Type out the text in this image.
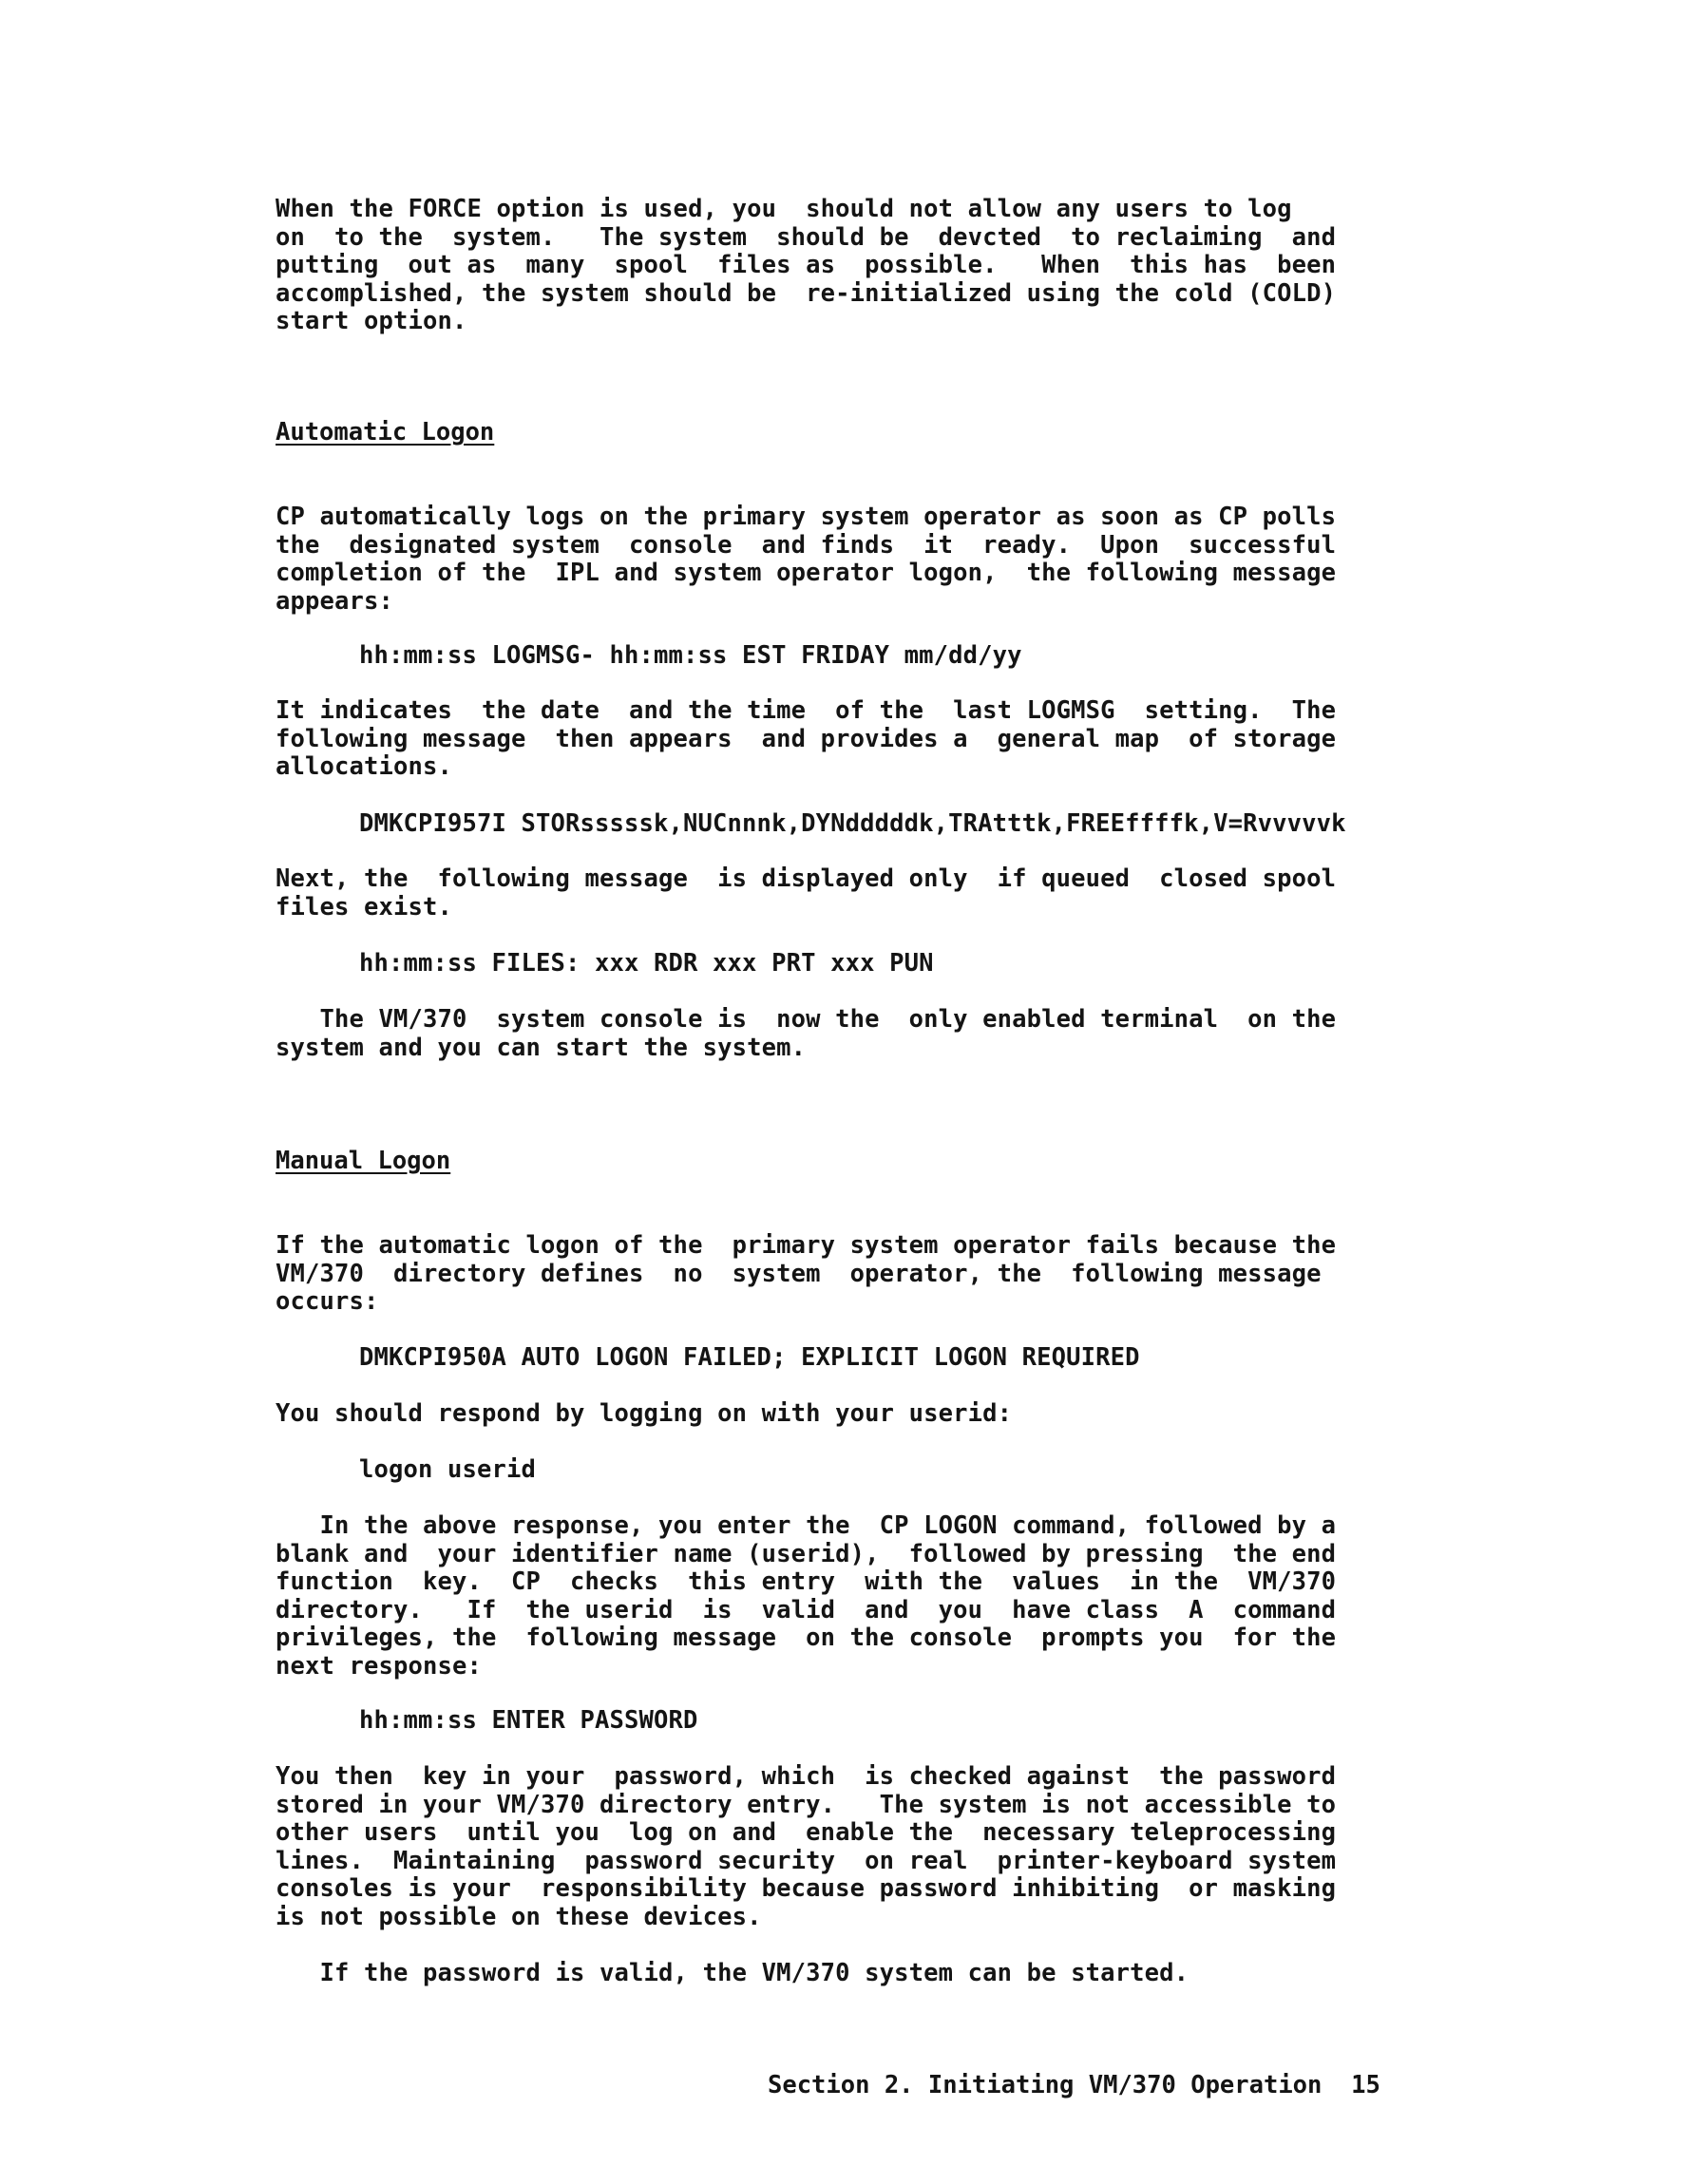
When the FORCE option is used, you  should not allow any users to log
on  to the  system.   The system  should be  devcted  to reclaiming  and
putting  out as  many  spool  files as  possible.   When  this has  been
accomplished, the system should be  re-initialized using the cold (COLD)
start option.

Automatic Logon

CP automatically logs on the primary system operator as soon as CP polls
the  designated system  console  and finds  it  ready.  Upon  successful
completion of the  IPL and system operator logon,  the following message
appears:

hh:mm:ss LOGMSG- hh:mm:ss EST FRIDAY mm/dd/yy

It indicates  the date  and the time  of the  last LOGMSG  setting.  The
following message  then appears  and provides a  general map  of storage
allocations.

DMKCPI957I STORsssssk,NUCnnnk,DYNdddddk,TRAtttk,FREEffffk,V=Rvvvvvk

Next, the  following message  is displayed only  if queued  closed spool
files exist.

hh:mm:ss FILES: xxx RDR xxx PRT xxx PUN

The VM/370  system console is  now the  only enabled terminal  on the
system and you can start the system.

Manual Logon

If the automatic logon of the  primary system operator fails because the
VM/370  directory defines  no  system  operator, the  following message
occurs:

DMKCPI950A AUTO LOGON FAILED; EXPLICIT LOGON REQUIRED

You should respond by logging on with your userid:

logon userid

In the above response, you enter the  CP LOGON command, followed by a
blank and  your identifier name (userid),  followed by pressing  the end
function  key.  CP  checks  this entry  with the  values  in the  VM/370
directory.   If  the userid  is  valid  and  you  have class  A  command
privileges, the  following message  on the console  prompts you  for the
next response:

hh:mm:ss ENTER PASSWORD

You then  key in your  password, which  is checked against  the password
stored in your VM/370 directory entry.   The system is not accessible to
other users  until you  log on and  enable the  necessary teleprocessing
lines.  Maintaining  password security  on real  printer-keyboard system
consoles is your  responsibility because password inhibiting  or masking
is not possible on these devices.

If the password is valid, the VM/370 system can be started.

Section 2. Initiating VM/370 Operation  15
